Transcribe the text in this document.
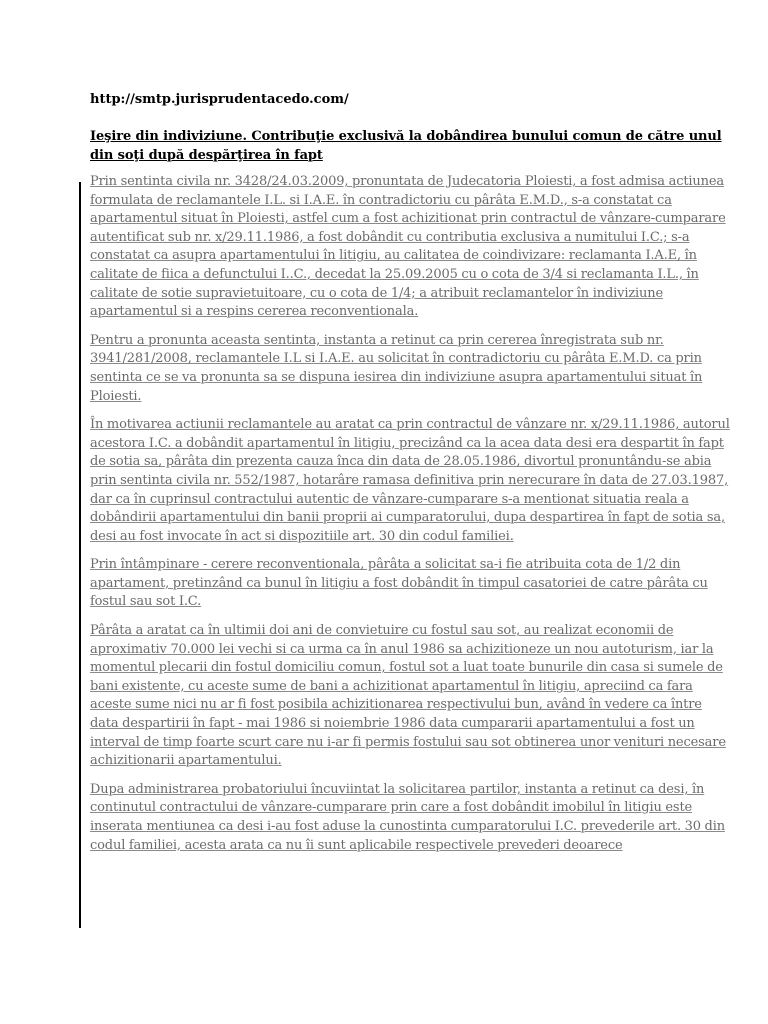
http://smtp.jurisprudentacedo.com/
Ieşire din indiviziune. Contribuţie exclusivă la dobândirea bunului comun de către unul din soţi după despărţirea în fapt

Prin sentinta civila nr. 3428/24.03.2009, pronuntata de Judecatoria Ploiesti, a fost admisa actiunea formulata de reclamantele I.L. si I.A.E. în contradictoriu cu pârâta E.M.D., s-a constatat ca apartamentul situat în Ploiesti, astfel cum a fost achizitionat prin contractul de vânzare-cumparare autentificat sub nr. x/29.11.1986, a fost dobândit cu contributia exclusiva a numitului I.C.; s-a constatat ca asupra apartamentului în litigiu, au calitatea de coindivizare: reclamanta I.A.E, în calitate de fiica a defunctului I..C., decedat la 25.09.2005 cu o cota de 3/4 si reclamanta I.L., în calitate de sotie supravietuitoare, cu o cota de 1/4; a atribuit reclamantelor în indiviziune apartamentul si a respins cererea reconventionala.

Pentru a pronunta aceasta sentinta, instanta a retinut ca prin cererea înregistrata sub nr. 3941/281/2008, reclamantele I.L si I.A.E. au solicitat în contradictoriu cu pârâta E.M.D. ca prin sentinta ce se va pronunta sa se dispuna iesirea din indiviziune asupra apartamentului situat în Ploiesti.

În motivarea actiunii reclamantele au aratat ca prin contractul de vânzare nr. x/29.11.1986, autorul acestora I.C. a dobândit apartamentul în litigiu, precizând ca la acea data desi era despartit în fapt de sotia sa, pârâta din prezenta cauza înca din data de 28.05.1986, divortul pronuntându-se abia prin sentinta civila nr. 552/1987, hotarâre ramasa definitiva prin nerecurare în data de 27.03.1987, dar ca în cuprinsul contractului autentic de vânzare-cumparare s-a mentionat situatia reala a dobândirii apartamentului din banii proprii ai cumparatorului, dupa despartirea în fapt de sotia sa, desi au fost invocate în act si dispozitiile art. 30 din codul familiei.

Prin întâmpinare - cerere reconventionala, pârâta a solicitat sa-i fie atribuita cota de 1/2 din apartament, pretinzând ca bunul în litigiu a fost dobândit în timpul casatoriei de catre pârâta cu fostul sau sot I.C.

Pârâta a aratat ca în ultimii doi ani de convietuire cu fostul sau sot, au realizat economii de aproximativ 70.000 lei vechi si ca urma ca în anul 1986 sa achizitioneze un nou autoturism, iar la momentul plecarii din fostul domiciliu comun, fostul sot a luat toate bunurile din casa si sumele de bani existente, cu aceste sume de bani a achizitionat apartamentul în litigiu, apreciind ca fara aceste sume nici nu ar fi fost posibila achizitionarea respectivului bun, având în vedere ca între data despartirii în fapt - mai 1986 si noiembrie 1986 data cumpararii apartamentului a fost un interval de timp foarte scurt care nu i-ar fi permis fostului sau sot obtinerea unor venituri necesare achizitionarii apartamentului.

Dupa administrarea probatoriului încuviintat la solicitarea partilor, instanta a retinut ca desi, în continutul contractului de vânzare-cumparare prin care a fost dobândit imobilul în litigiu este inserata mentiunea ca desi i-au fost aduse la cunostinta cumparatorului I.C. prevederile art. 30 din codul familiei, acesta arata ca nu îi sunt aplicabile respectivele prevederi deoarece
